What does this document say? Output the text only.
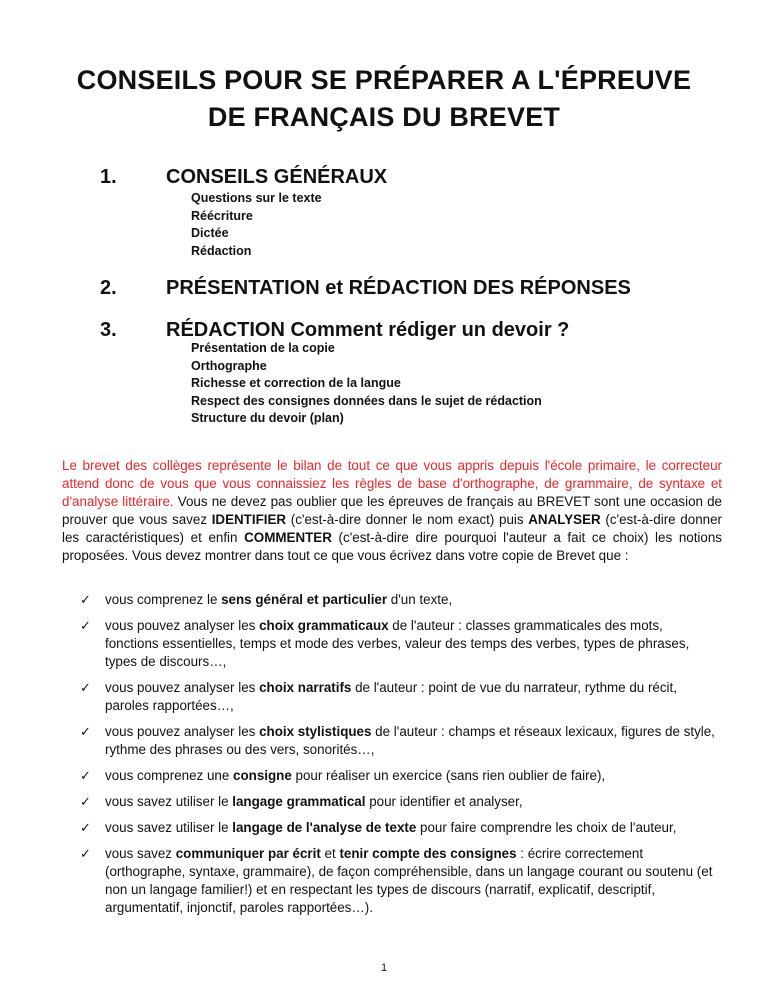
CONSEILS POUR SE PRÉPARER A L'ÉPREUVE DE FRANÇAIS DU BREVET
1. CONSEILS GÉNÉRAUX
Questions sur le texte
Réécriture
Dictée
Rédaction
2. PRÉSENTATION et RÉDACTION DES RÉPONSES
3. RÉDACTION Comment rédiger un devoir ?
Présentation de la copie
Orthographe
Richesse et correction de la langue
Respect des consignes données dans le sujet de rédaction
Structure du devoir (plan)

Le brevet des collèges représente le bilan de tout ce que vous appris depuis l'école primaire, le correcteur attend donc de vous que vous connaissiez les règles de base d'orthographe, de grammaire, de syntaxe et d'analyse littéraire. Vous ne devez pas oublier que les épreuves de français au BREVET sont une occasion de prouver que vous savez IDENTIFIER (c'est-à-dire donner le nom exact) puis ANALYSER (c'est-à-dire donner les caractéristiques) et enfin COMMENTER (c'est-à-dire dire pourquoi l'auteur a fait ce choix) les notions proposées. Vous devez montrer dans tout ce que vous écrivez dans votre copie de Brevet que :

✓ vous comprenez le sens général et particulier d'un texte,
✓ vous pouvez analyser les choix grammaticaux de l'auteur : classes grammaticales des mots, fonctions essentielles, temps et mode des verbes, valeur des temps des verbes, types de phrases, types de discours…,
✓ vous pouvez analyser les choix narratifs de l'auteur : point de vue du narrateur, rythme du récit, paroles rapportées…,
✓ vous pouvez analyser les choix stylistiques de l'auteur : champs et réseaux lexicaux, figures de style, rythme des phrases ou des vers, sonorités…,
✓ vous comprenez une consigne pour réaliser un exercice (sans rien oublier de faire),
✓ vous savez utiliser le langage grammatical pour identifier et analyser,
✓ vous savez utiliser le langage de l'analyse de texte pour faire comprendre les choix de l'auteur,
✓ vous savez communiquer par écrit et tenir compte des consignes : écrire correctement (orthographe, syntaxe, grammaire), de façon compréhensible, dans un langage courant ou soutenu (et non un langage familier!) et en respectant les types de discours (narratif, explicatif, descriptif, argumentatif, injonctif, paroles rapportées…).
1
